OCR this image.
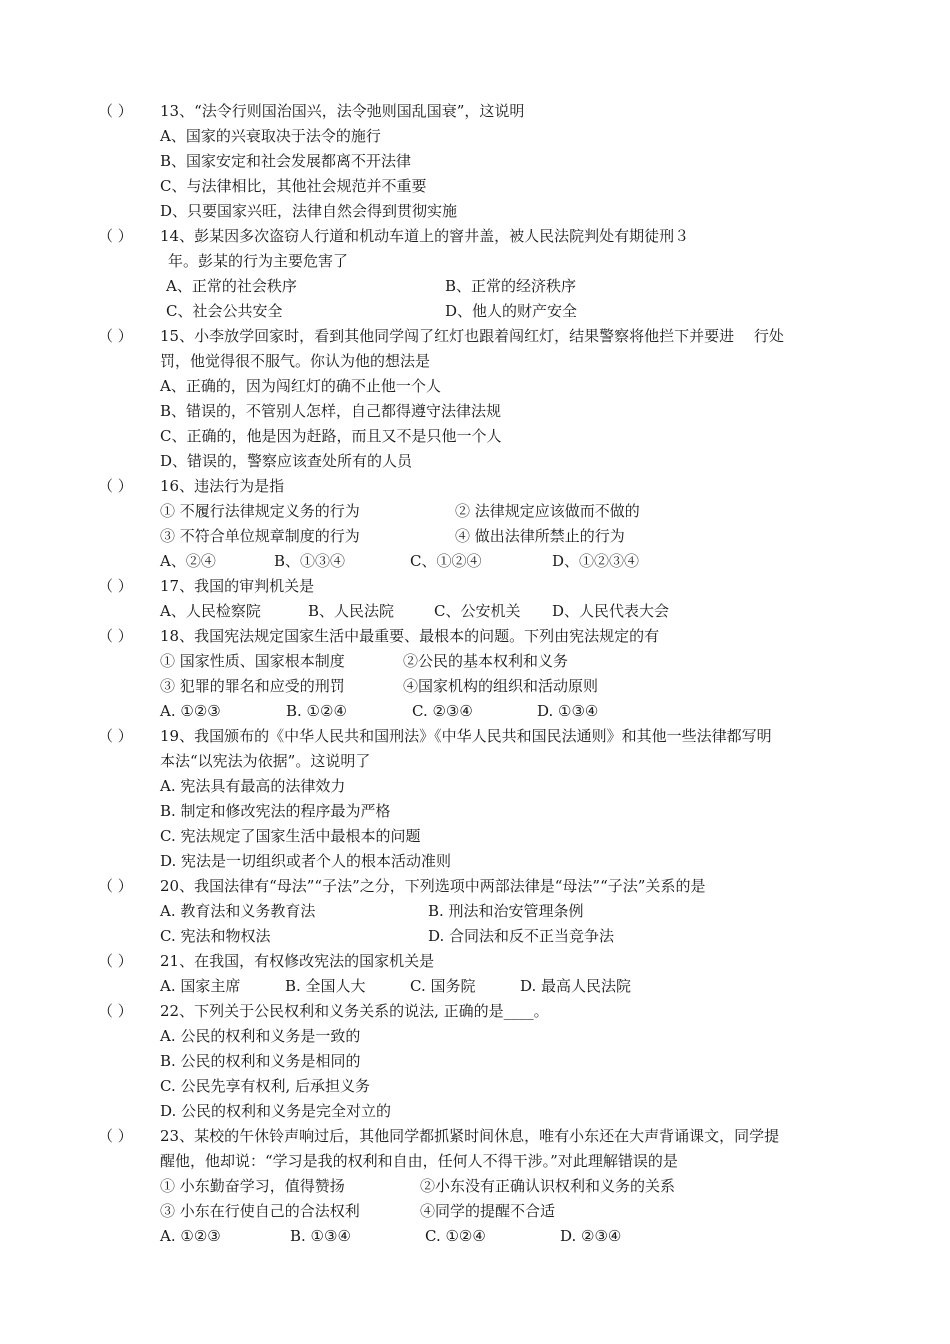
（ ） 13、“法令行则国治国兴，法令弛则国乱国衰”，这说明
A、国家的兴衰取决于法令的施行
B、国家安定和社会发展都离不开法律
C、与法律相比，其他社会规范并不重要
D、只要国家兴旺，法律自然会得到贯彻实施
（ ） 14、彭某因多次盗窃人行道和机动车道上的窨井盖，被人民法院判处有期徒刑３
年。彭某的行为主要危害了
A、正常的社会秩序	B、正常的经济秩序
C、社会公共安全	D、他人的财产安全
（ ） 15、小李放学回家时，看到其他同学闯了红灯也跟着闯红灯，结果警察将他拦下并要进　 行处
罚，他觉得很不服气。你认为他的想法是
A、正确的，因为闯红灯的确不止他一个人
B、错误的，不管别人怎样，自己都得遵守法律法规
C、正确的，他是因为赶路，而且又不是只他一个人
D、错误的，警察应该查处所有的人员
（ ） 16、违法行为是指
① 不履行法律规定义务的行为	② 法律规定应该做而不做的
③ 不符合单位规章制度的行为	④ 做出法律所禁止的行为
A、②④	B、①③④	C、①②④	D、①②③④
（ ） 17、我国的审判机关是
A、人民检察院	B、人民法院	C、公安机关 D、人民代表大会
（ ） 18、我国宪法规定国家生活中最重要、最根本的问题。下列由宪法规定的有
① 国家性质、国家根本制度	②公民的基本权利和义务
③ 犯罪的罪名和应受的刑罚	④国家机构的组织和活动原则
A. ①②③	B. ①②④	C. ②③④	D. ①③④
（ ） 19、我国颁布的《中华人民共和国刑法》《中华人民共和国民法通则》和其他一些法律都写明
本法“以宪法为依据”。这说明了
A. 宪法具有最高的法律效力
B. 制定和修改宪法的程序最为严格
C. 宪法规定了国家生活中最根本的问题
D. 宪法是一切组织或者个人的根本活动准则
（ ） 20、我国法律有“母法”“子法”之分，下列选项中两部法律是“母法”“子法”关系的是
A. 教育法和义务教育法	B. 刑法和治安管理条例
C. 宪法和物权法	D. 合同法和反不正当竞争法
（ ） 21、在我国，有权修改宪法的国家机关是
A. 国家主席	B. 全国人大	C. 国务院	D. 最高人民法院
（ ） 22、下列关于公民权利和义务关系的说法, 正确的是____。
A. 公民的权利和义务是一致的
B. 公民的权利和义务是相同的
C. 公民先享有权利, 后承担义务
D. 公民的权利和义务是完全对立的
（ ） 23、某校的午休铃声响过后，其他同学都抓紧时间休息，唯有小东还在大声背诵课文，同学提
醒他，他却说：“学习是我的权利和自由，任何人不得干涉。”对此理解错误的是
① 小东勤奋学习，值得赞扬	②小东没有正确认识权利和义务的关系
③ 小东在行使自己的合法权利	④同学的提醒不合适
A. ①②③	B. ①③④	C. ①②④	D. ②③④
